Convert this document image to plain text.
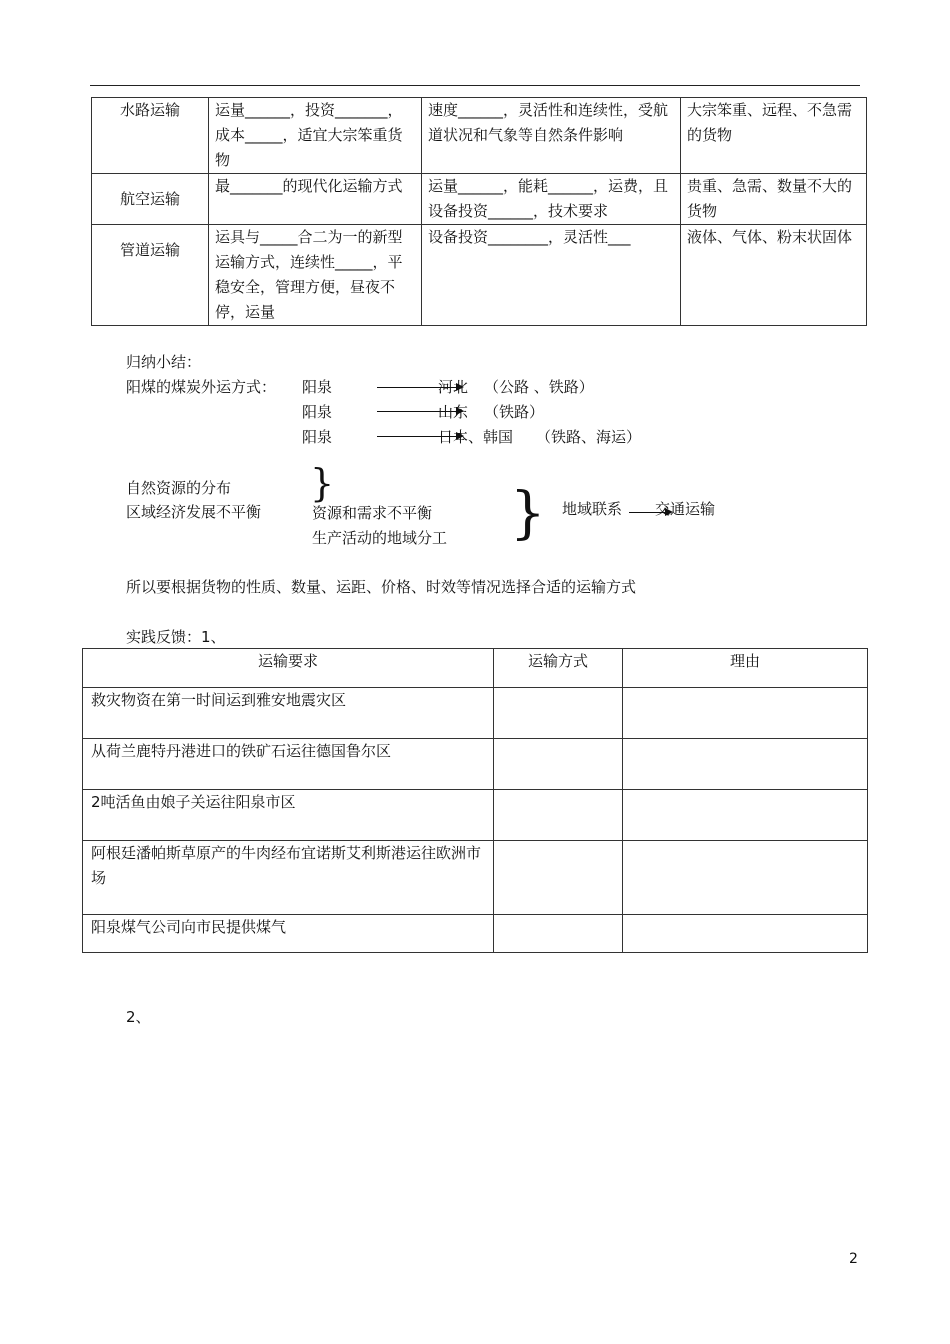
水路运输	运量______，投资_______，成本_____，适宜大宗笨重货物	速度______，灵活性和连续性，受航道状况和气象等自然条件影响	大宗笨重、远程、不急需的货物
航空运输	最_______的现代化运输方式	运量______，能耗______，运费，且设备投资______，技术要求	贵重、急需、数量不大的货物
管道运输	运具与_____合二为一的新型运输方式，连续性_____，平稳安全，管理方便，昼夜不停，运量	设备投资________，灵活性___	液体、气体、粉末状固体
归纳小结：
阳煤的煤炭外运方式： 阳泉	河北 （公路 、铁路）
阳泉	山东 （铁路）
阳泉	日本、韩国 （铁路、海运）
自然资源的分布
区域经济发展不平衡
}
资源和需求不平衡
生产活动的地域分工 } 地域联系 交通运输
所以要根据货物的性质、数量、运距、价格、时效等情况选择合适的运输方式
实践反馈：1、
运输要求	运输方式	理由
救灾物资在第一时间运到雅安地震灾区		
从荷兰鹿特丹港进口的铁矿石运往德国鲁尔区		
2吨活鱼由娘子关运往阳泉市区		
阿根廷潘帕斯草原产的牛肉经布宜诺斯艾利斯港运往欧洲市场		
阳泉煤气公司向市民提供煤气		
2、
2
